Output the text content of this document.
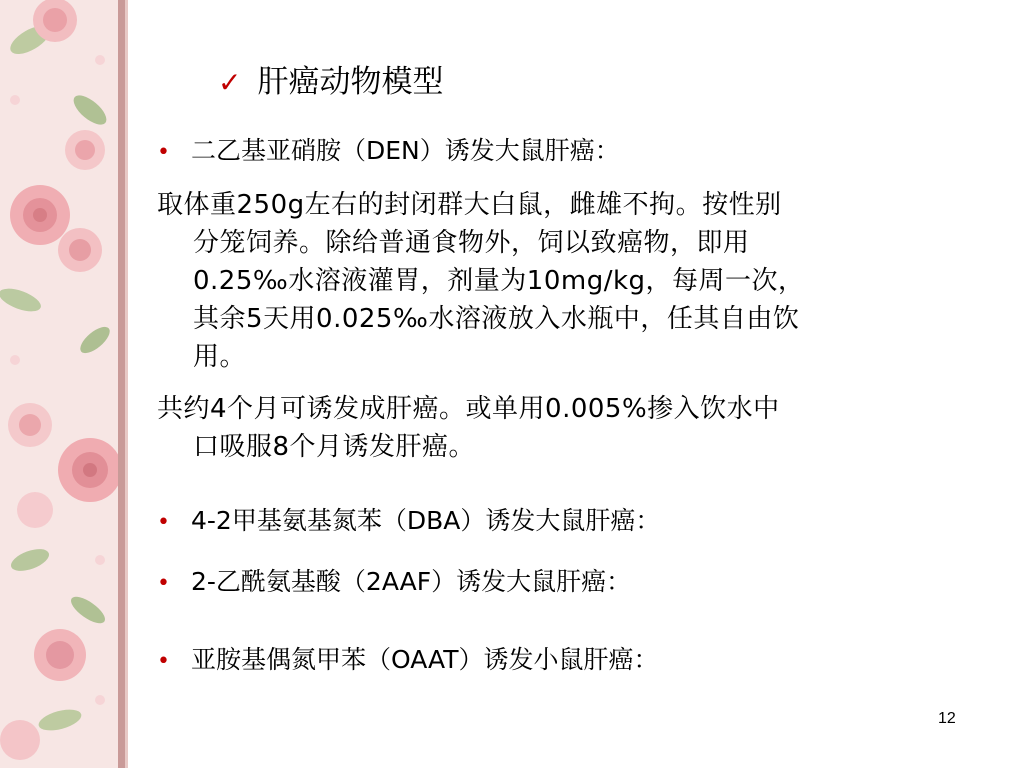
✓ 肝癌动物模型
• 二乙基亚硝胺（DEN）诱发大鼠肝癌：
取体重250g左右的封闭群大白鼠，雌雄不拘。按性别
分笼饲养。除给普通食物外，饲以致癌物，即用
0.25‰水溶液灌胃，剂量为10mg/kg，每周一次，
其余5天用0.025‰水溶液放入水瓶中，任其自由饮
用。
共约4个月可诱发成肝癌。或单用0.005%掺入饮水中
口吸服8个月诱发肝癌。
• 4-2甲基氨基氮苯（DBA）诱发大鼠肝癌：
• 2-乙酰氨基酸（2AAF）诱发大鼠肝癌：
• 亚胺基偶氮甲苯（OAAT）诱发小鼠肝癌：
12
